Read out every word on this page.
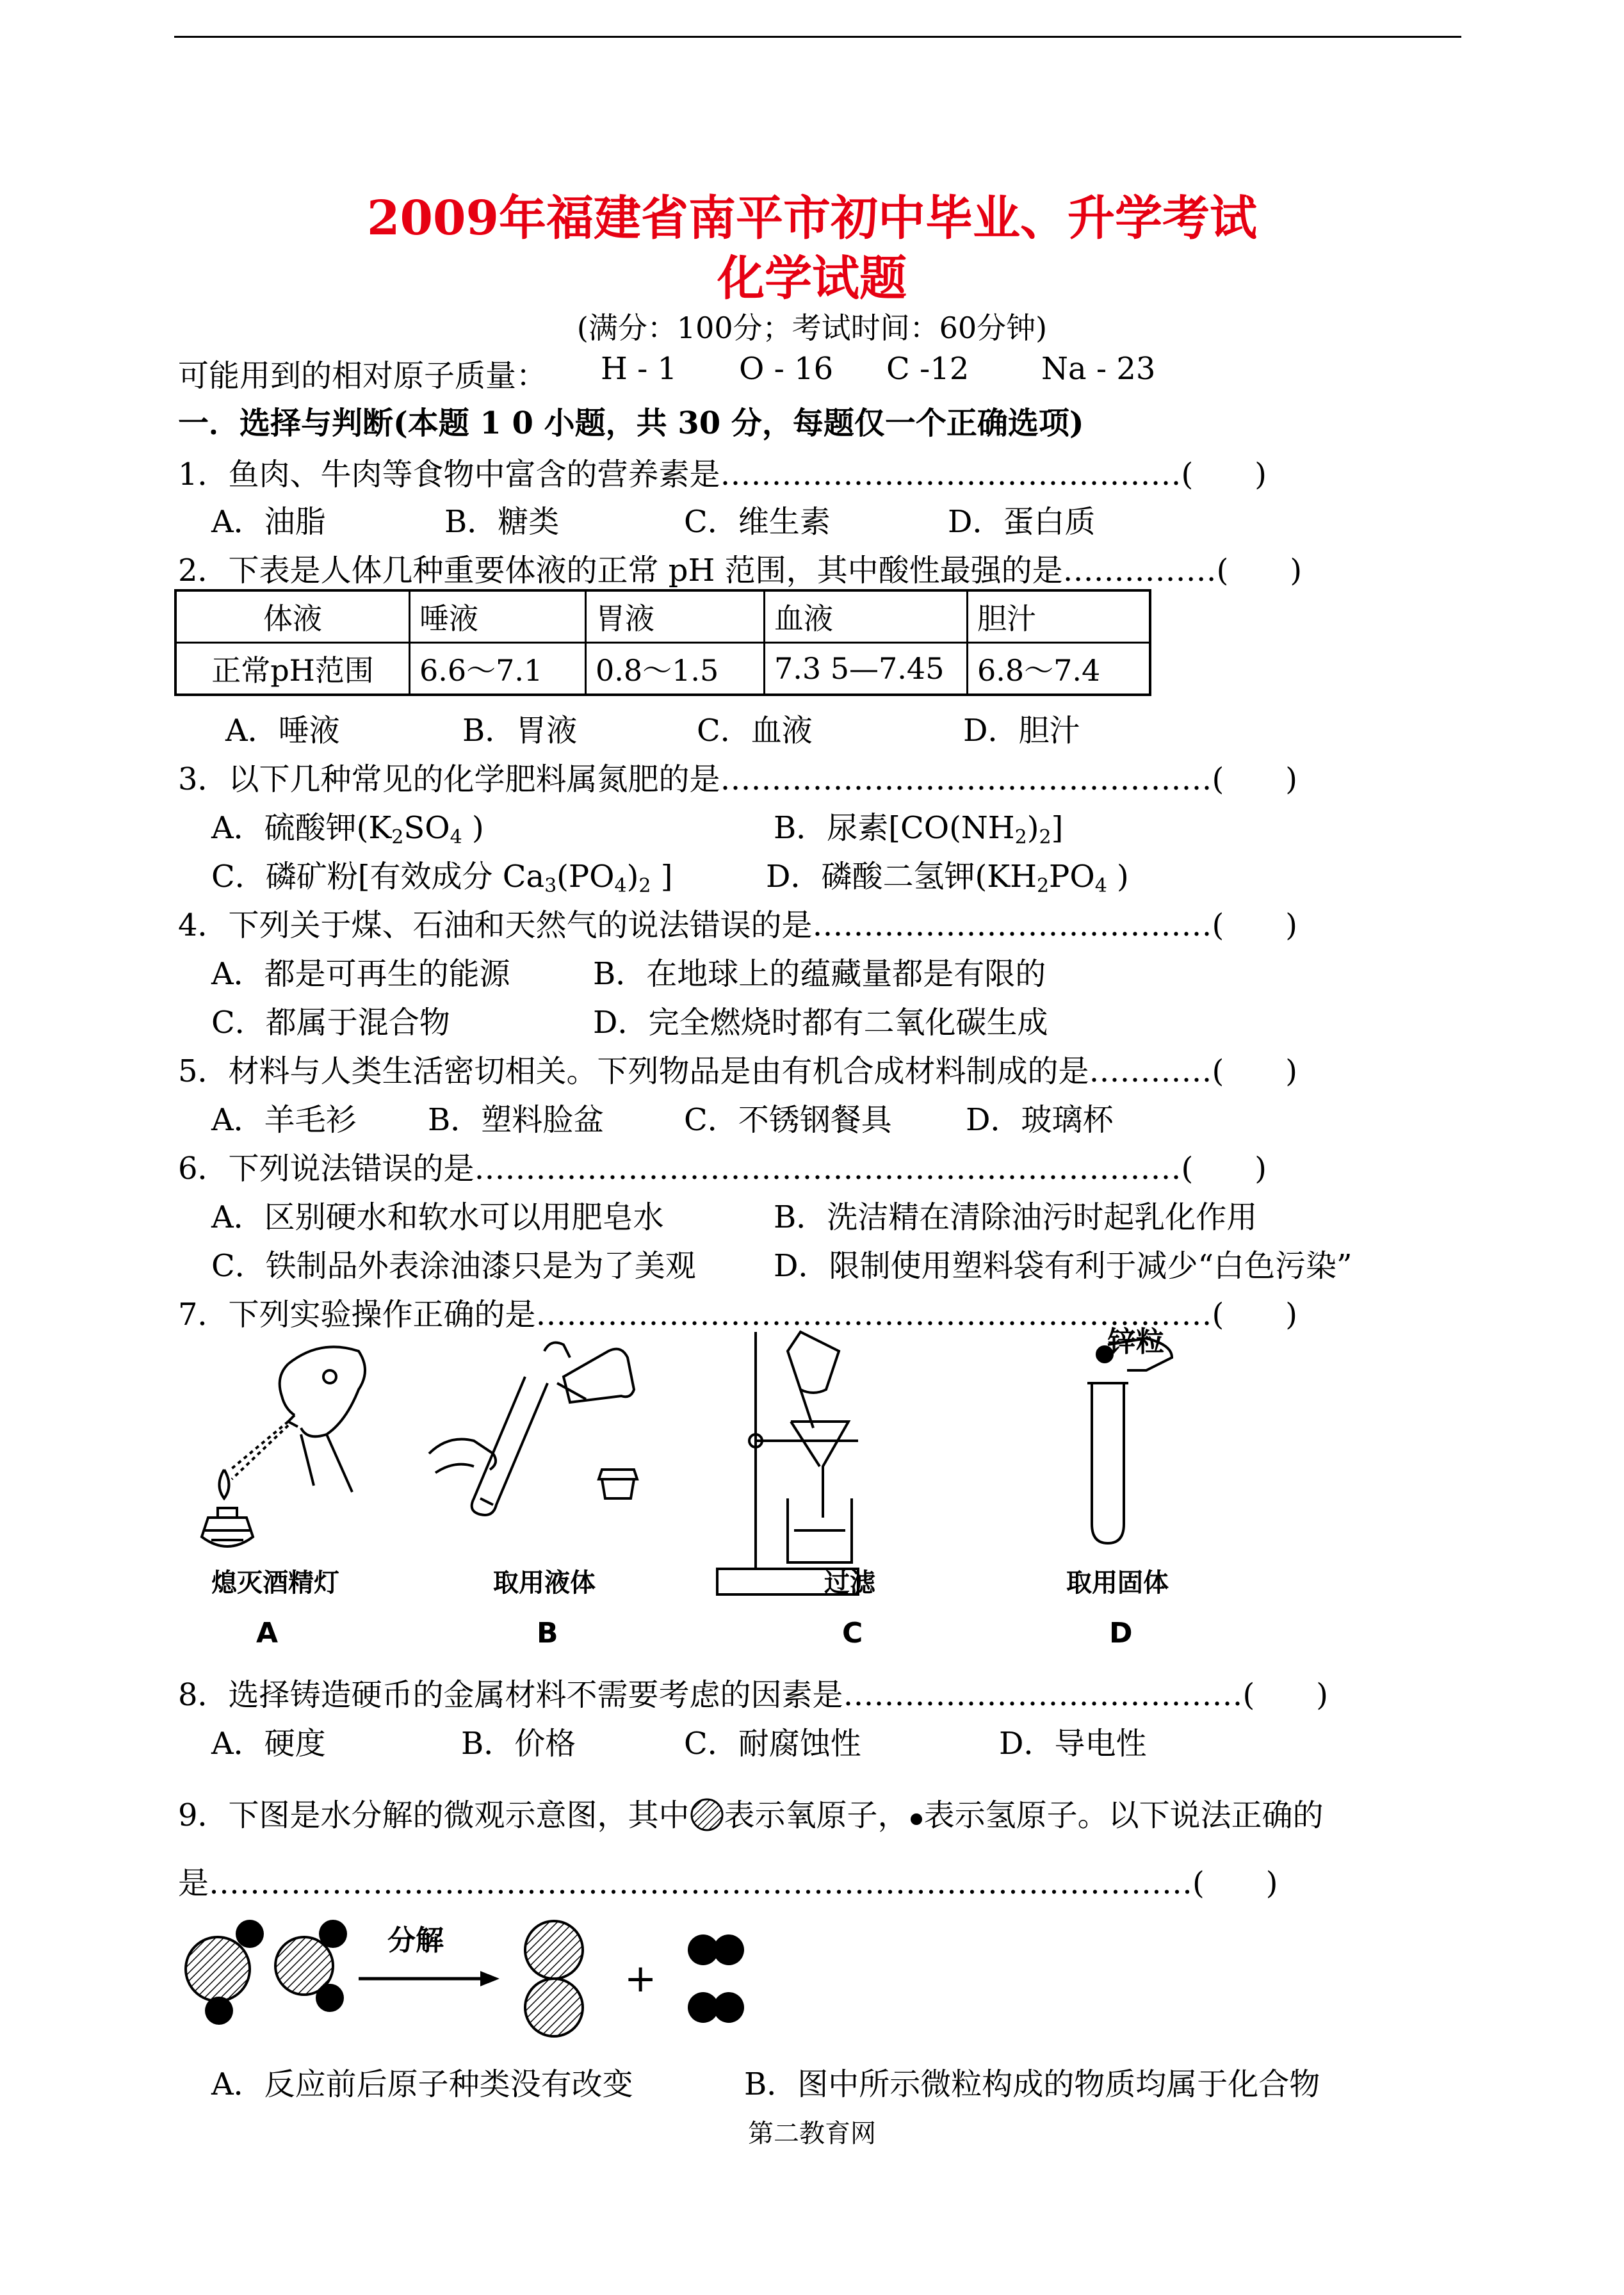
2009年福建省南平市初中毕业、升学考试
化学试题
(满分：100分；考试时间：60分钟)
可能用到的相对原子质量： H - 1 O - 16 C -12 Na - 23
一．选择与判断(本题 1 0 小题，共 30 分，每题仅一个正确选项)
1．鱼肉、牛肉等食物中富含的营养素是………………………………………(　　)
A．油脂	B．糖类	C．维生素	D．蛋白质
2．下表是人体几种重要体液的正常 pH 范围，其中酸性最强的是……………(　　)
体液	唾液	胃液	血液	胆汁
正常pH范围	6.6～7.1	0.8～1.5	7.3 5—7.45	6.8～7.4
A．唾液	B．胃液	C．血液	D．胆汁
3．以下几种常见的化学肥料属氮肥的是…………………………………………(　　)
A．硫酸钾($K_2SO_4$ )	B．尿素$[CO(NH_2)_2]$
C．磷矿粉[有效成分 $Ca_3(PO_4)_2$ ]	D．磷酸二氢钾($KH_2PO_4$ )
4．下列关于煤、石油和天然气的说法错误的是…………………………………(　　)
A．都是可再生的能源	B．在地球上的蕴藏量都是有限的
C．都属于混合物	D．完全燃烧时都有二氧化碳生成
5．材料与人类生活密切相关。下列物品是由有机合成材料制成的是…………(　　)
A．羊毛衫 B．塑料脸盆	C．不锈钢餐具 D．玻璃杯
6．下列说法错误的是……………………………………………………………(　　)
A．区别硬水和软水可以用肥皂水	B．洗洁精在清除油污时起乳化作用
C．铁制品外表涂油漆只是为了美观	D．限制使用塑料袋有利于减少“白色污染”
7．下列实验操作正确的是…………………………………………………………(　　)
锌粒
熄灭酒精灯	取用液体	过滤	取用固体
A	B	C	D
8．选择铸造硬币的金属材料不需要考虑的因素是…………………………………(　　)
A．硬度	B．价格	C．耐腐蚀性	D．导电性
9．下图是水分解的微观示意图，其中 表示氧原子， 表示氢原子。以下说法正确的
是……………………………………………………………………………………(　　)
分解
+
A．反应前后原子种类没有改变	B．图中所示微粒构成的物质均属于化合物
第二教育网
